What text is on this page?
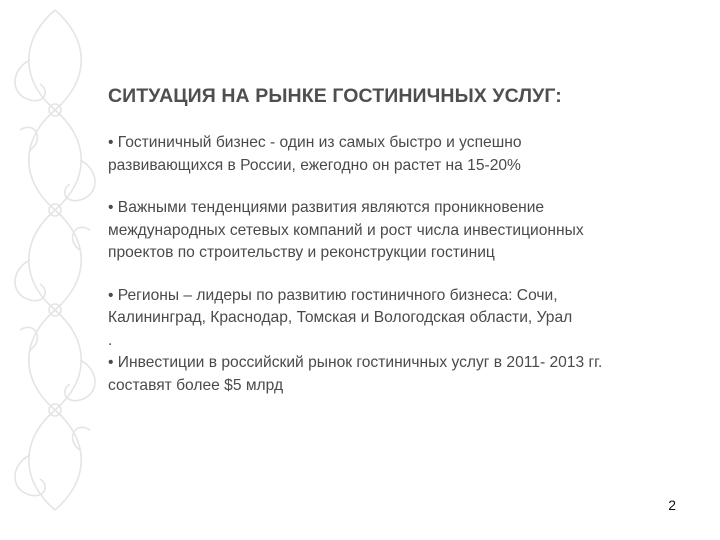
СИТУАЦИЯ НА РЫНКЕ ГОСТИНИЧНЫХ УСЛУГ:

• Гостиничный бизнес - один из самых быстро и успешно
развивающихся в России, ежегодно он растет на 15-20%

• Важными тенденциями развития являются проникновение
международных сетевых компаний и рост числа инвестиционных
проектов по строительству и реконструкции гостиниц

• Регионы – лидеры по развитию гостиничного бизнеса: Сочи,
Калининград, Краснодар, Томская и Вологодская области, Урал
.
• Инвестиции в российский рынок гостиничных услуг в 2011- 2013 гг.
составят более $5 млрд

2
